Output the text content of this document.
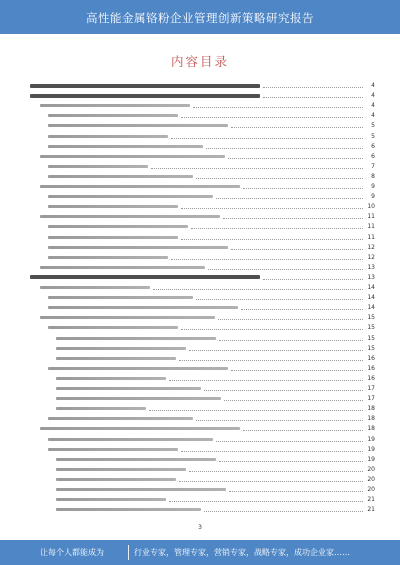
高性能金属铬粉企业管理创新策略研究报告
内容目录
4
4
4
4
5
5
6
6
7
8
9
9
10
11
11
11
12
12
13
13
14
14
14
15
15
15
15
16
16
16
17
17
18
18
18
19
19
19
20
20
20
21
21
3
让每个人都能成为	行业专家，管理专家，营销专家，战略专家，成功企业家……
